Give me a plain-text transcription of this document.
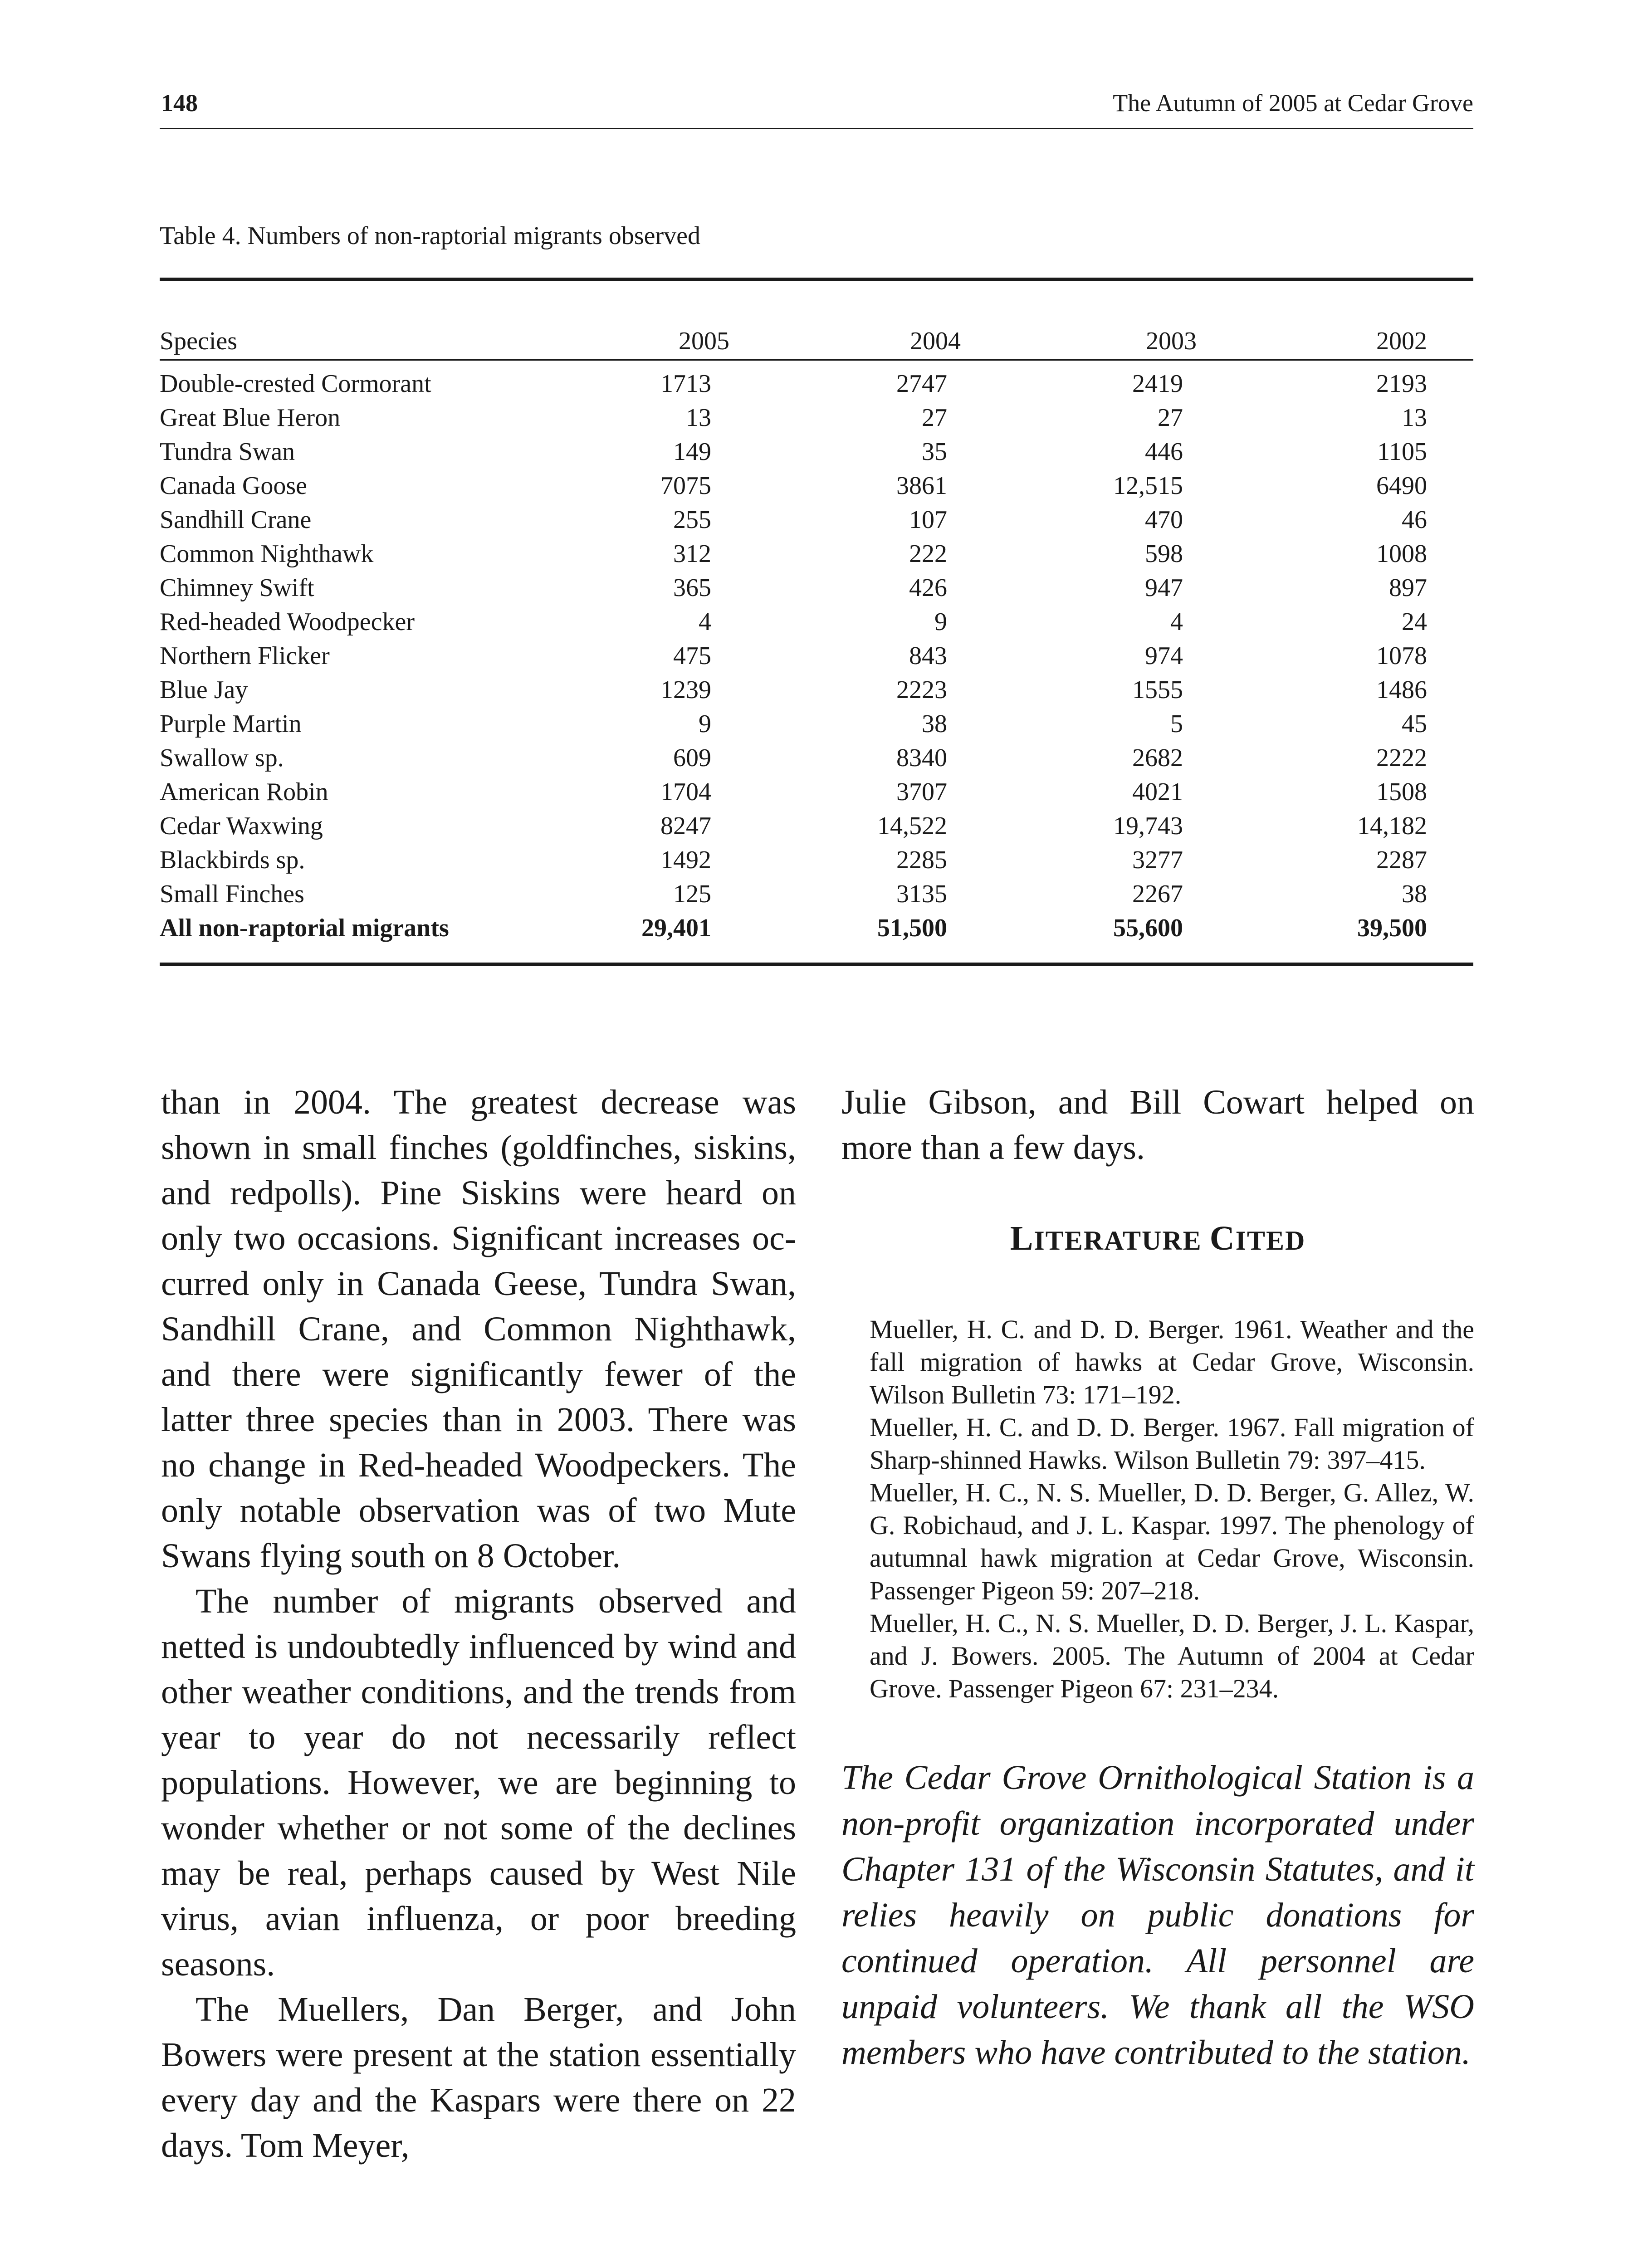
148	The Autumn of 2005 at Cedar Grove
Table 4. Numbers of non-raptorial migrants observed
Species	2005	2004	2003	2002
Double-crested Cormorant	1713	2747	2419	2193
Great Blue Heron	13	27	27	13
Tundra Swan	149	35	446	1105
Canada Goose	7075	3861	12,515	6490
Sandhill Crane	255	107	470	46
Common Nighthawk	312	222	598	1008
Chimney Swift	365	426	947	897
Red-headed Woodpecker	4	9	4	24
Northern Flicker	475	843	974	1078
Blue Jay	1239	2223	1555	1486
Purple Martin	9	38	5	45
Swallow sp.	609	8340	2682	2222
American Robin	1704	3707	4021	1508
Cedar Waxwing	8247	14,522	19,743	14,182
Blackbirds sp.	1492	2285	3277	2287
Small Finches	125	3135	2267	38
All non-raptorial migrants	29,401	51,500	55,600	39,500

than in 2004. The greatest decrease was shown in small finches (goldfinches, siskins, and redpolls). Pine Siskins were heard on only two occasions. Significant increases occurred only in Canada Geese, Tundra Swan, Sandhill Crane, and Common Nighthawk, and there were significantly fewer of the latter three species than in 2003. There was no change in Red-headed Woodpeckers. The only notable observation was of two Mute Swans flying south on 8 October.

The number of migrants observed and netted is undoubtedly influenced by wind and other weather conditions, and the trends from year to year do not necessarily reflect populations. However, we are beginning to wonder whether or not some of the declines may be real, perhaps caused by West Nile virus, avian influenza, or poor breeding seasons.

The Muellers, Dan Berger, and John Bowers were present at the station essentially every day and the Kaspars were there on 22 days. Tom Meyer,

Julie Gibson, and Bill Cowart helped on more than a few days.

LITERATURE CITED

Mueller, H. C. and D. D. Berger. 1961. Weather and the fall migration of hawks at Cedar Grove, Wisconsin. Wilson Bulletin 73: 171–192.

Mueller, H. C. and D. D. Berger. 1967. Fall migration of Sharp-shinned Hawks. Wilson Bulletin 79: 397–415.

Mueller, H. C., N. S. Mueller, D. D. Berger, G. Allez, W. G. Robichaud, and J. L. Kaspar. 1997. The phenology of autumnal hawk migration at Cedar Grove, Wisconsin. Passenger Pigeon 59: 207–218.

Mueller, H. C., N. S. Mueller, D. D. Berger, J. L. Kaspar, and J. Bowers. 2005. The Autumn of 2004 at Cedar Grove. Passenger Pigeon 67: 231–234.

The Cedar Grove Ornithological Station is a non-profit organization incorporated under Chapter 131 of the Wisconsin Statutes, and it relies heavily on public donations for continued operation. All personnel are unpaid volunteers. We thank all the WSO members who have contributed to the station.
